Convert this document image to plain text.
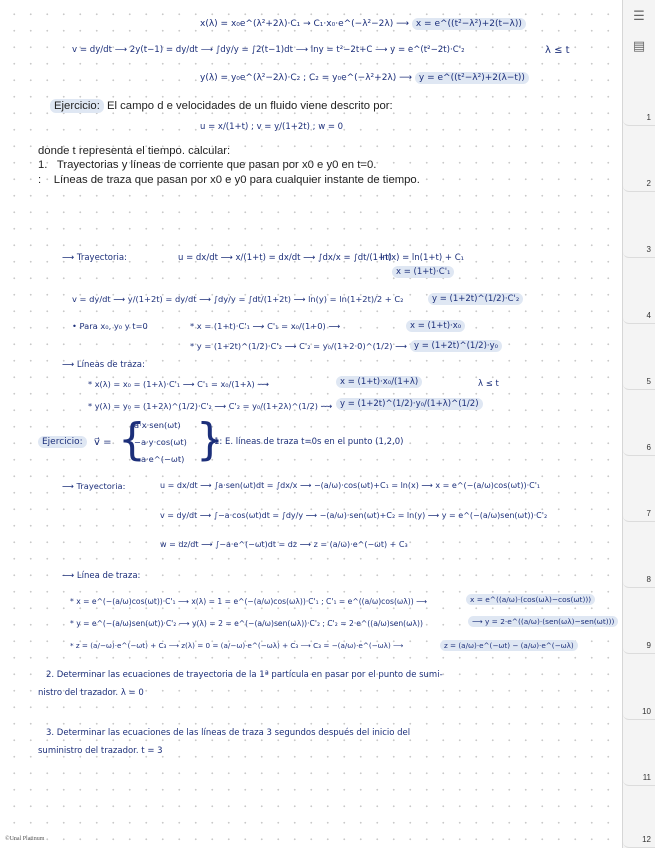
☰
▤
1
2
3
4
5
6
7
8
9
10
11
12
x(λ) = x₀e^(λ²+2λ)·C₁ → C₁·x₀·e^(−λ²−2λ) ⟶ x = e^((t²−λ²)+2(t−λ))
v = dy/dt ⟶ 2y(t−1) = dy/dt ⟶ ∫dy/y = ∫2(t−1)dt ⟶ lny = t²−2t+C ⟶ y = e^(t²−2t)·C'₂	λ ≤ t
y(λ) = y₀e^(λ²−2λ)·C₂ ; C₂ = y₀e^(−λ²+2λ) ⟶ y = e^((t²−λ²)+2(λ−t))
Ejercicio: El campo d e velocidades de un fluido viene descrito por:
u = x/(1+t) ; v = y/(1+2t) ; w = 0
donde t representa el tiempo. calcular:
1. Trayectorias y líneas de corriente que pasan por x0 e y0 en t=0.
: Líneas de traza que pasan por x0 e y0 para cualquier instante de tiempo.
⟶ Trayectoria:	u = dx/dt ⟶ x/(1+t) = dx/dt ⟶ ∫dx/x = ∫dt/(1+t)
ln(x) = ln(1+t) + C₁
x = (1+t)·C'₁
v = dy/dt ⟶ y/(1+2t) = dy/dt ⟶ ∫dy/y = ∫dt/(1+2t) ⟶ ln(y) = ln(1+2t)/2 + C₂	y = (1+2t)^(1/2)·C'₂
• Para x₀, y₀ y t=0	* x = (1+t)·C'₁ ⟶ C'₁ = x₀/(1+0) ⟶	x = (1+t)·x₀
* y = (1+2t)^(1/2)·C'₂ ⟶ C'₂ = y₀/(1+2·0)^(1/2) ⟶ y = (1+2t)^(1/2)·y₀
⟶ Líneas de traza:
* x(λ) = x₀ = (1+λ)·C'₁ ⟶ C'₁ = x₀/(1+λ) ⟿	x = (1+t)·x₀/(1+λ)	λ ≤ t
* y(λ) = y₀ = (1+2λ)^(1/2)·C'₂ ⟶ C'₂ = y₀/(1+2λ)^(1/2) ⟿ y = (1+2t)^(1/2)·y₀/(1+λ)^(1/2)
Ejercicio:	v⃗ = {
a·x·sen(ωt)
−a·y·cos(ωt)
−a·e^(−ωt) }
1: E. líneas de traza t=0s en el punto (1,2,0)
⟶ Trayectoria:	u = dx/dt ⟶ ∫a·sen(ωt)dt = ∫dx/x ⟶ −(a/ω)·cos(ωt)+C₁ = ln(x) ⟶ x = e^(−(a/ω)cos(ωt))·C'₁
v = dy/dt ⟶ ∫−a·cos(ωt)dt = ∫dy/y ⟶ −(a/ω)·sen(ωt)+C₂ = ln(y) ⟶ y = e^(−(a/ω)sen(ωt))·C'₂
w = dz/dt ⟶ ∫−a·e^(−ωt)dt = dz ⟶ z = (a/ω)·e^(−ωt) + C₃
⟶ Línea de traza:
* x = e^(−(a/ω)cos(ωt))·C'₁ ⟶ x(λ) = 1 = e^(−(a/ω)cos(ωλ))·C'₁ ; C'₁ = e^((a/ω)cos(ωλ)) ⟶	x = e^((a/ω)·(cos(ωλ)−cos(ωt)))
* y = e^(−(a/ω)sen(ωt))·C'₂ ⟶ y(λ) = 2 = e^(−(a/ω)sen(ωλ))·C'₂ ; C'₂ = 2·e^((a/ω)sen(ωλ))	⟶ y = 2·e^((a/ω)·(sen(ωλ)−sen(ωt)))
* z = (a/−ω)·e^(−ωt) + C₃ ⟶ z(λ) = 0 = (a/−ω)·e^(−ωλ) + C₃ ⟶ C₃ = −(a/ω)·e^(−ωλ) ⟶	z = (a/ω)·e^(−ωt) − (a/ω)·e^(−ωλ)
2. Determinar las ecuaciones de trayectoria de la 1ª partícula en pasar por el punto de sumi-
nistro del trazador. λ = 0
3. Determinar las ecuaciones de las líneas de traza 3 segundos después del inicio del
suministro del trazador. t = 3
©Unal Platinum
